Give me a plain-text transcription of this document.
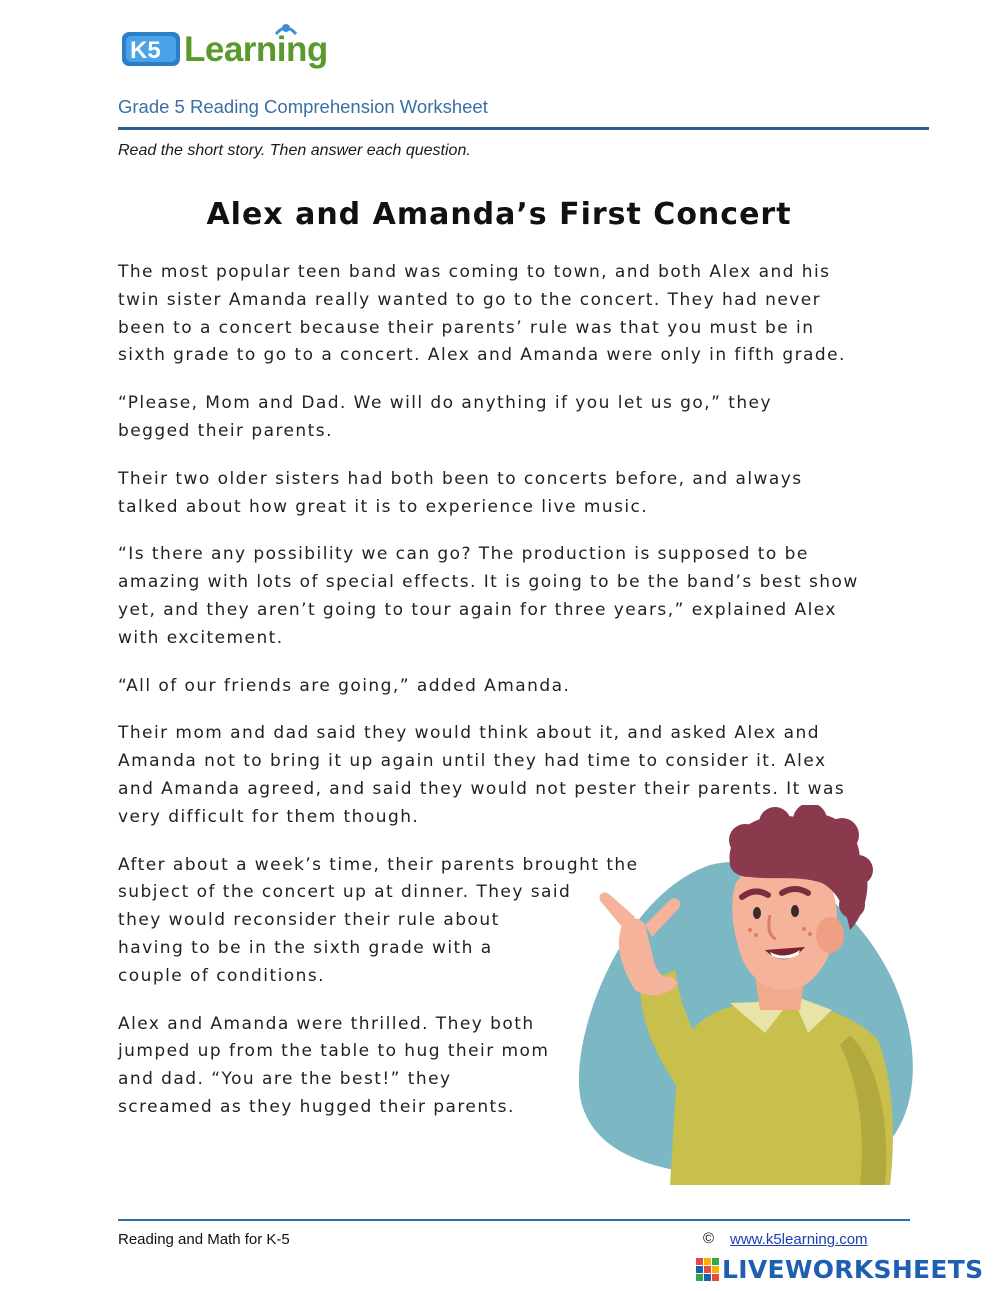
K5 Learning
Grade 5 Reading Comprehension Worksheet
Read the short story. Then answer each question.
Alex and Amanda’s First Concert

The most popular teen band was coming to town, and both Alex and his
twin sister Amanda really wanted to go to the concert. They had never
been to a concert because their parents’ rule was that you must be in
sixth grade to go to a concert. Alex and Amanda were only in fifth grade.

“Please, Mom and Dad. We will do anything if you let us go,” they
begged their parents.

Their two older sisters had both been to concerts before, and always
talked about how great it is to experience live music.

“Is there any possibility we can go? The production is supposed to be
amazing with lots of special effects. It is going to be the band’s best show
yet, and they aren’t going to tour again for three years,” explained Alex
with excitement.

“All of our friends are going,” added Amanda.

Their mom and dad said they would think about it, and asked Alex and
Amanda not to bring it up again until they had time to consider it. Alex
and Amanda agreed, and said they would not pester their parents. It was
very difficult for them though.

After about a week’s time, their parents brought the
subject of the concert up at dinner. They said
they would reconsider their rule about
having to be in the sixth grade with a
couple of conditions.

Alex and Amanda were thrilled. They both
jumped up from the table to hug their mom
and dad. “You are the best!” they
screamed as they hugged their parents.

Reading and Math for K-5	© www.k5learning.com
LIVEWORKSHEETS
